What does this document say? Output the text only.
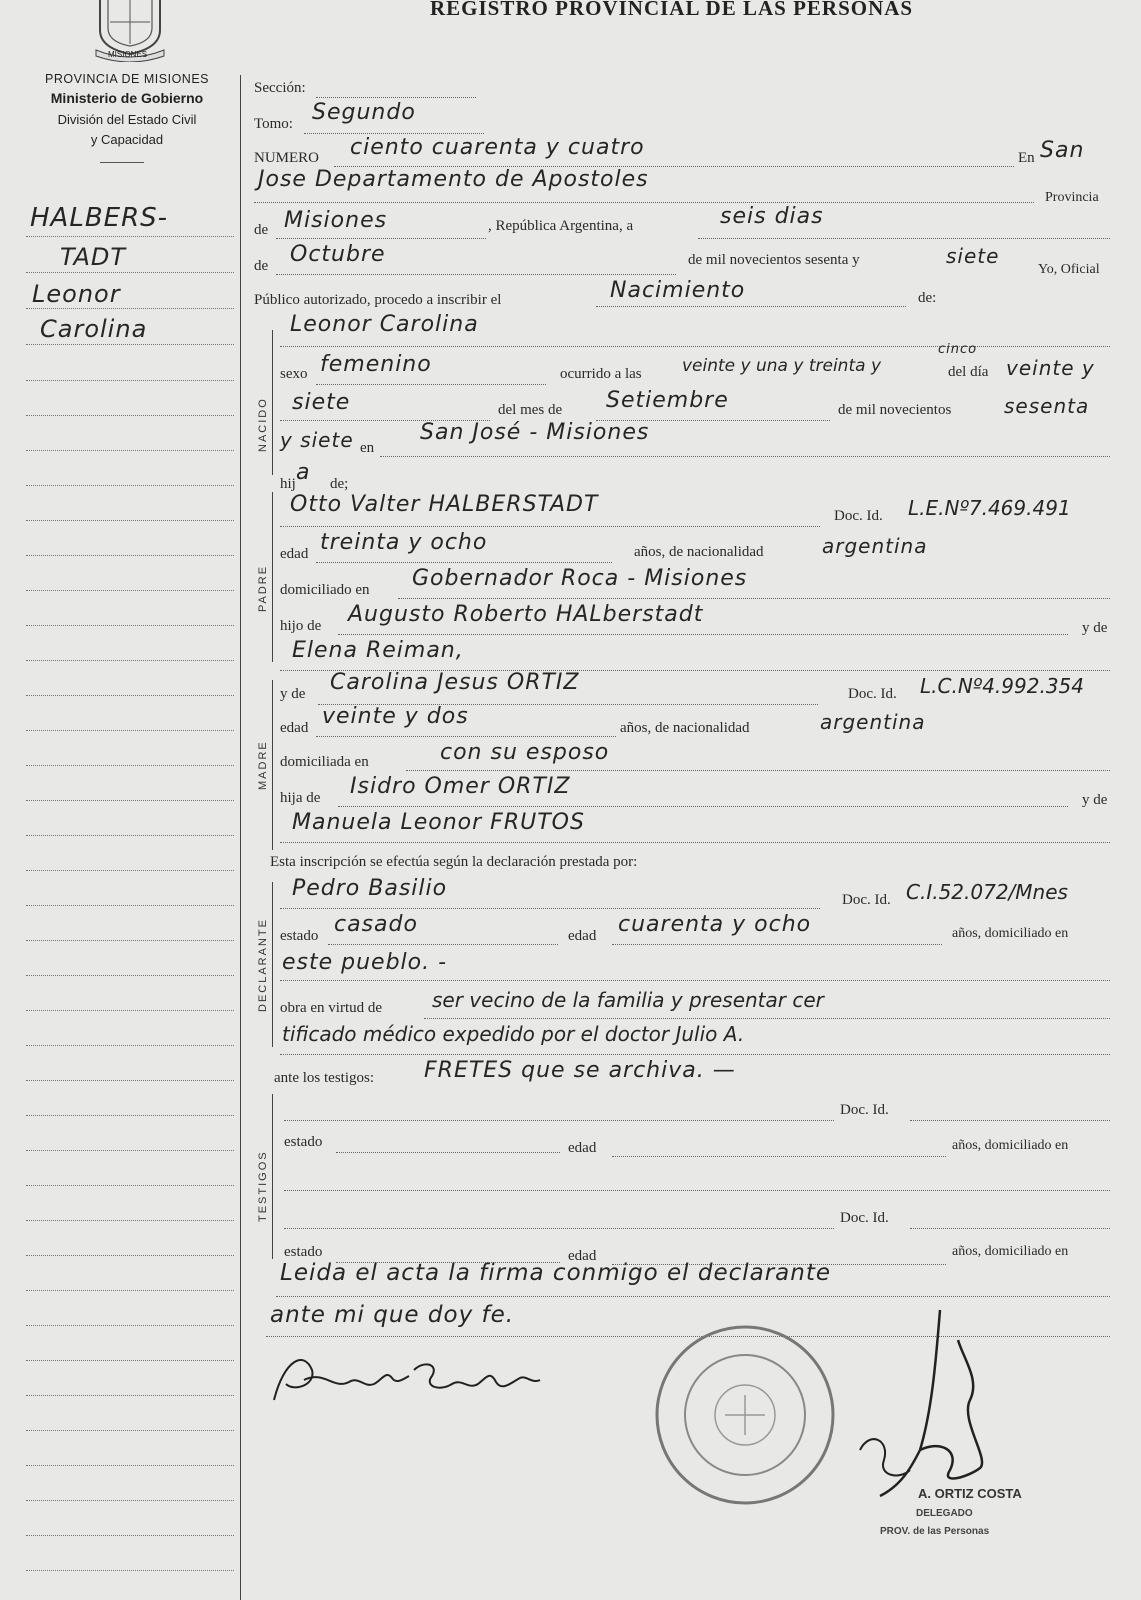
MISIONES
PROVINCIA DE MISIONES
Ministerio de Gobierno
División del Estado Civil
y Capacidad
HALBERS-
TADT
Leonor
Carolina
REGISTRO PROVINCIAL DE LAS PERSONAS
Sección:
Tomo: Segundo
NUMERO ciento cuarenta y cuatro	En San
Jose Departamento de Apostoles
Provincia
de Misiones	, República Argentina, a	seis dias
de Octubre	de mil novecientos sesenta y	siete
Yo, Oficial
Público autorizado, procedo a inscribir el	Nacimiento	de:
NACIDO
Leonor Carolina
sexo femenino	ocurrido a las veinte y una y treinta y
cinco
del día veinte y
siete	del mes de Setiembre	de mil novecientos	sesenta
y siete en
San José - Misiones
hij a de;
PADRE
Otto Valter HALBERSTADT	Doc. Id. L.E.Nº7.469.491
edad treinta y ocho	años, de nacionalidad	argentina
domiciliado en Gobernador Roca - Misiones
hijo de Augusto Roberto HALberstadt
y de
Elena Reiman,
MADRE
y de Carolina Jesus ORTIZ	Doc. Id. L.C.Nº4.992.354
edad veinte y dos	años, de nacionalidad	argentina
domiciliada en	con su esposo
hija de Isidro Omer ORTIZ
y de
Manuela Leonor FRUTOS
Esta inscripción se efectúa según la declaración prestada por:
DECLARANTE
Pedro Basilio	Doc. Id. C.I.52.072/Mnes
estado casado	edad cuarenta y ocho	años, domiciliado en
este pueblo. -
obra en virtud de ser vecino de la familia y presentar cer
tificado médico expedido por el doctor Julio A.
ante los testigos: FRETES que se archiva. —
TESTIGOS
Doc. Id.
estado	edad	años, domiciliado en
Doc. Id.
estado	edad	años, domiciliado en
Leida el acta la firma conmigo el declarante
ante mi que doy fe.
A. ORTIZ COSTA
DELEGADO
PROV. de las Personas
